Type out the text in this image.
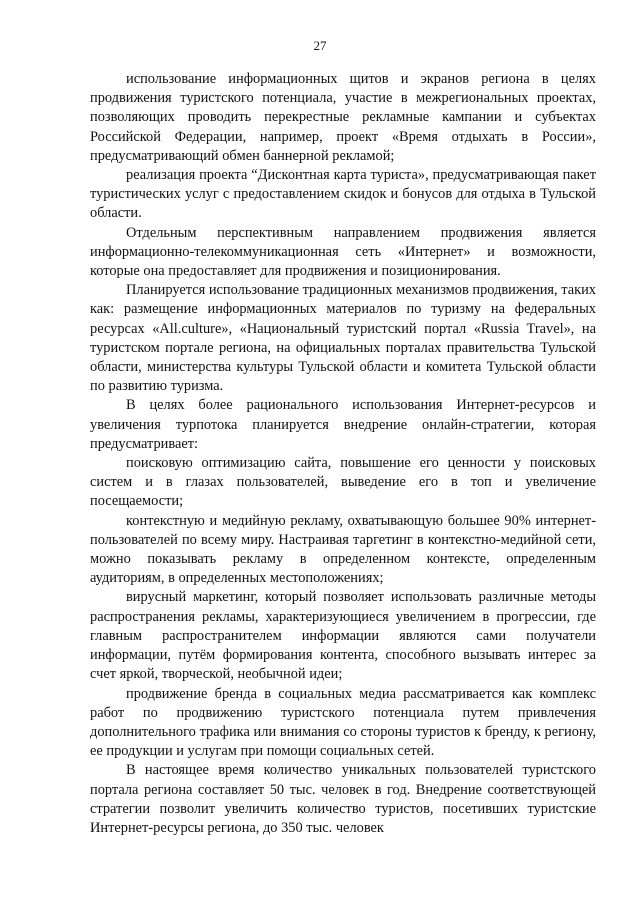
27

использование информационных щитов и экранов региона в целях продвижения туристского потенциала, участие в межрегиональных проектах, позволяющих проводить перекрестные рекламные кампании и субъектах Российской Федерации, например, проект «Время отдыхать в России», предусматривающий обмен баннерной рекламой;

реализация проекта “Дисконтная карта туриста», предусматривающая пакет туристических услуг с предоставлением скидок и бонусов для отдыха в Тульской области.

Отдельным перспективным направлением продвижения является информационно-телекоммуникационная сеть «Интернет» и возможности, которые она предоставляет для продвижения и позиционирования.

Планируется использование традиционных механизмов продвижения, таких как: размещение информационных материалов по туризму на федеральных ресурсах «All.culture», «Национальный туристский портал «Russia Travel», на туристском портале региона, на официальных порталах правительства Тульской области, министерства культуры Тульской области и комитета Тульской области по развитию туризма.

В целях более рационального использования Интернет-ресурсов и увеличения турпотока планируется внедрение онлайн-стратегии, которая предусматривает:

поисковую оптимизацию сайта, повышение его ценности у поисковых систем и в глазах пользователей, выведение его в топ и увеличение посещаемости;

контекстную и медийную рекламу, охватывающую большее 90% интернет-пользователей по всему миру. Настраивая таргетинг в контекстно-медийной сети, можно показывать рекламу в определенном контексте, определенным аудиториям, в определенных местоположениях;

вирусный маркетинг, который позволяет использовать различные методы распространения рекламы, характеризующиеся увеличением в прогрессии, где главным распространителем информации являются сами получатели информации, путём формирования контента, способного вызывать интерес за счет яркой, творческой, необычной идеи;

продвижение бренда в социальных медиа рассматривается как комплекс работ по продвижению туристского потенциала путем привлечения дополнительного трафика или внимания со стороны туристов к бренду, к региону, ее продукции и услугам при помощи социальных сетей.

В настоящее время количество уникальных пользователей туристского портала региона составляет 50 тыс. человек в год. Внедрение соответствующей стратегии позволит увеличить количество туристов, посетивших туристские Интернет-ресурсы региона, до 350 тыс. человек
